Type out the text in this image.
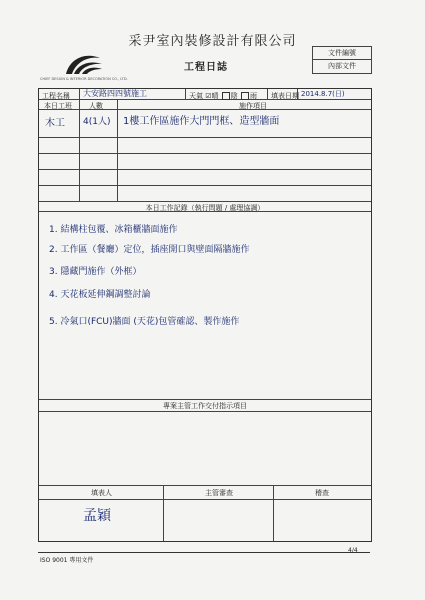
采尹室內裝修設計有限公司
CHIEF DESIGN & INTERIOR DECORATION CO., LTD.
工程日誌
文件編號
內部文件
工程名稱 大安路四四號施工	天氣 ☑晴 陰 雨 填表日期 2014.8.7(日)
本日工班 人數	施作項目
木工 4(1人) 1樓工作區施作大門門框、造型牆面
本日工作記錄（執行問題 / 處理協調）
1. 結構柱包覆、冰箱櫃牆面施作
2. 工作區（餐廳）定位，插座開口與壁面隔牆施作
3. 隱藏門施作（外框）
4. 天花板延伸鋼調整討論
5. 冷氣口(FCU)牆面 (天花)包管確認、製作施作
專案主管工作交付指示項目
填表人	主管審查	稽查
孟穎
ISO 9001 專用文件
4/4
